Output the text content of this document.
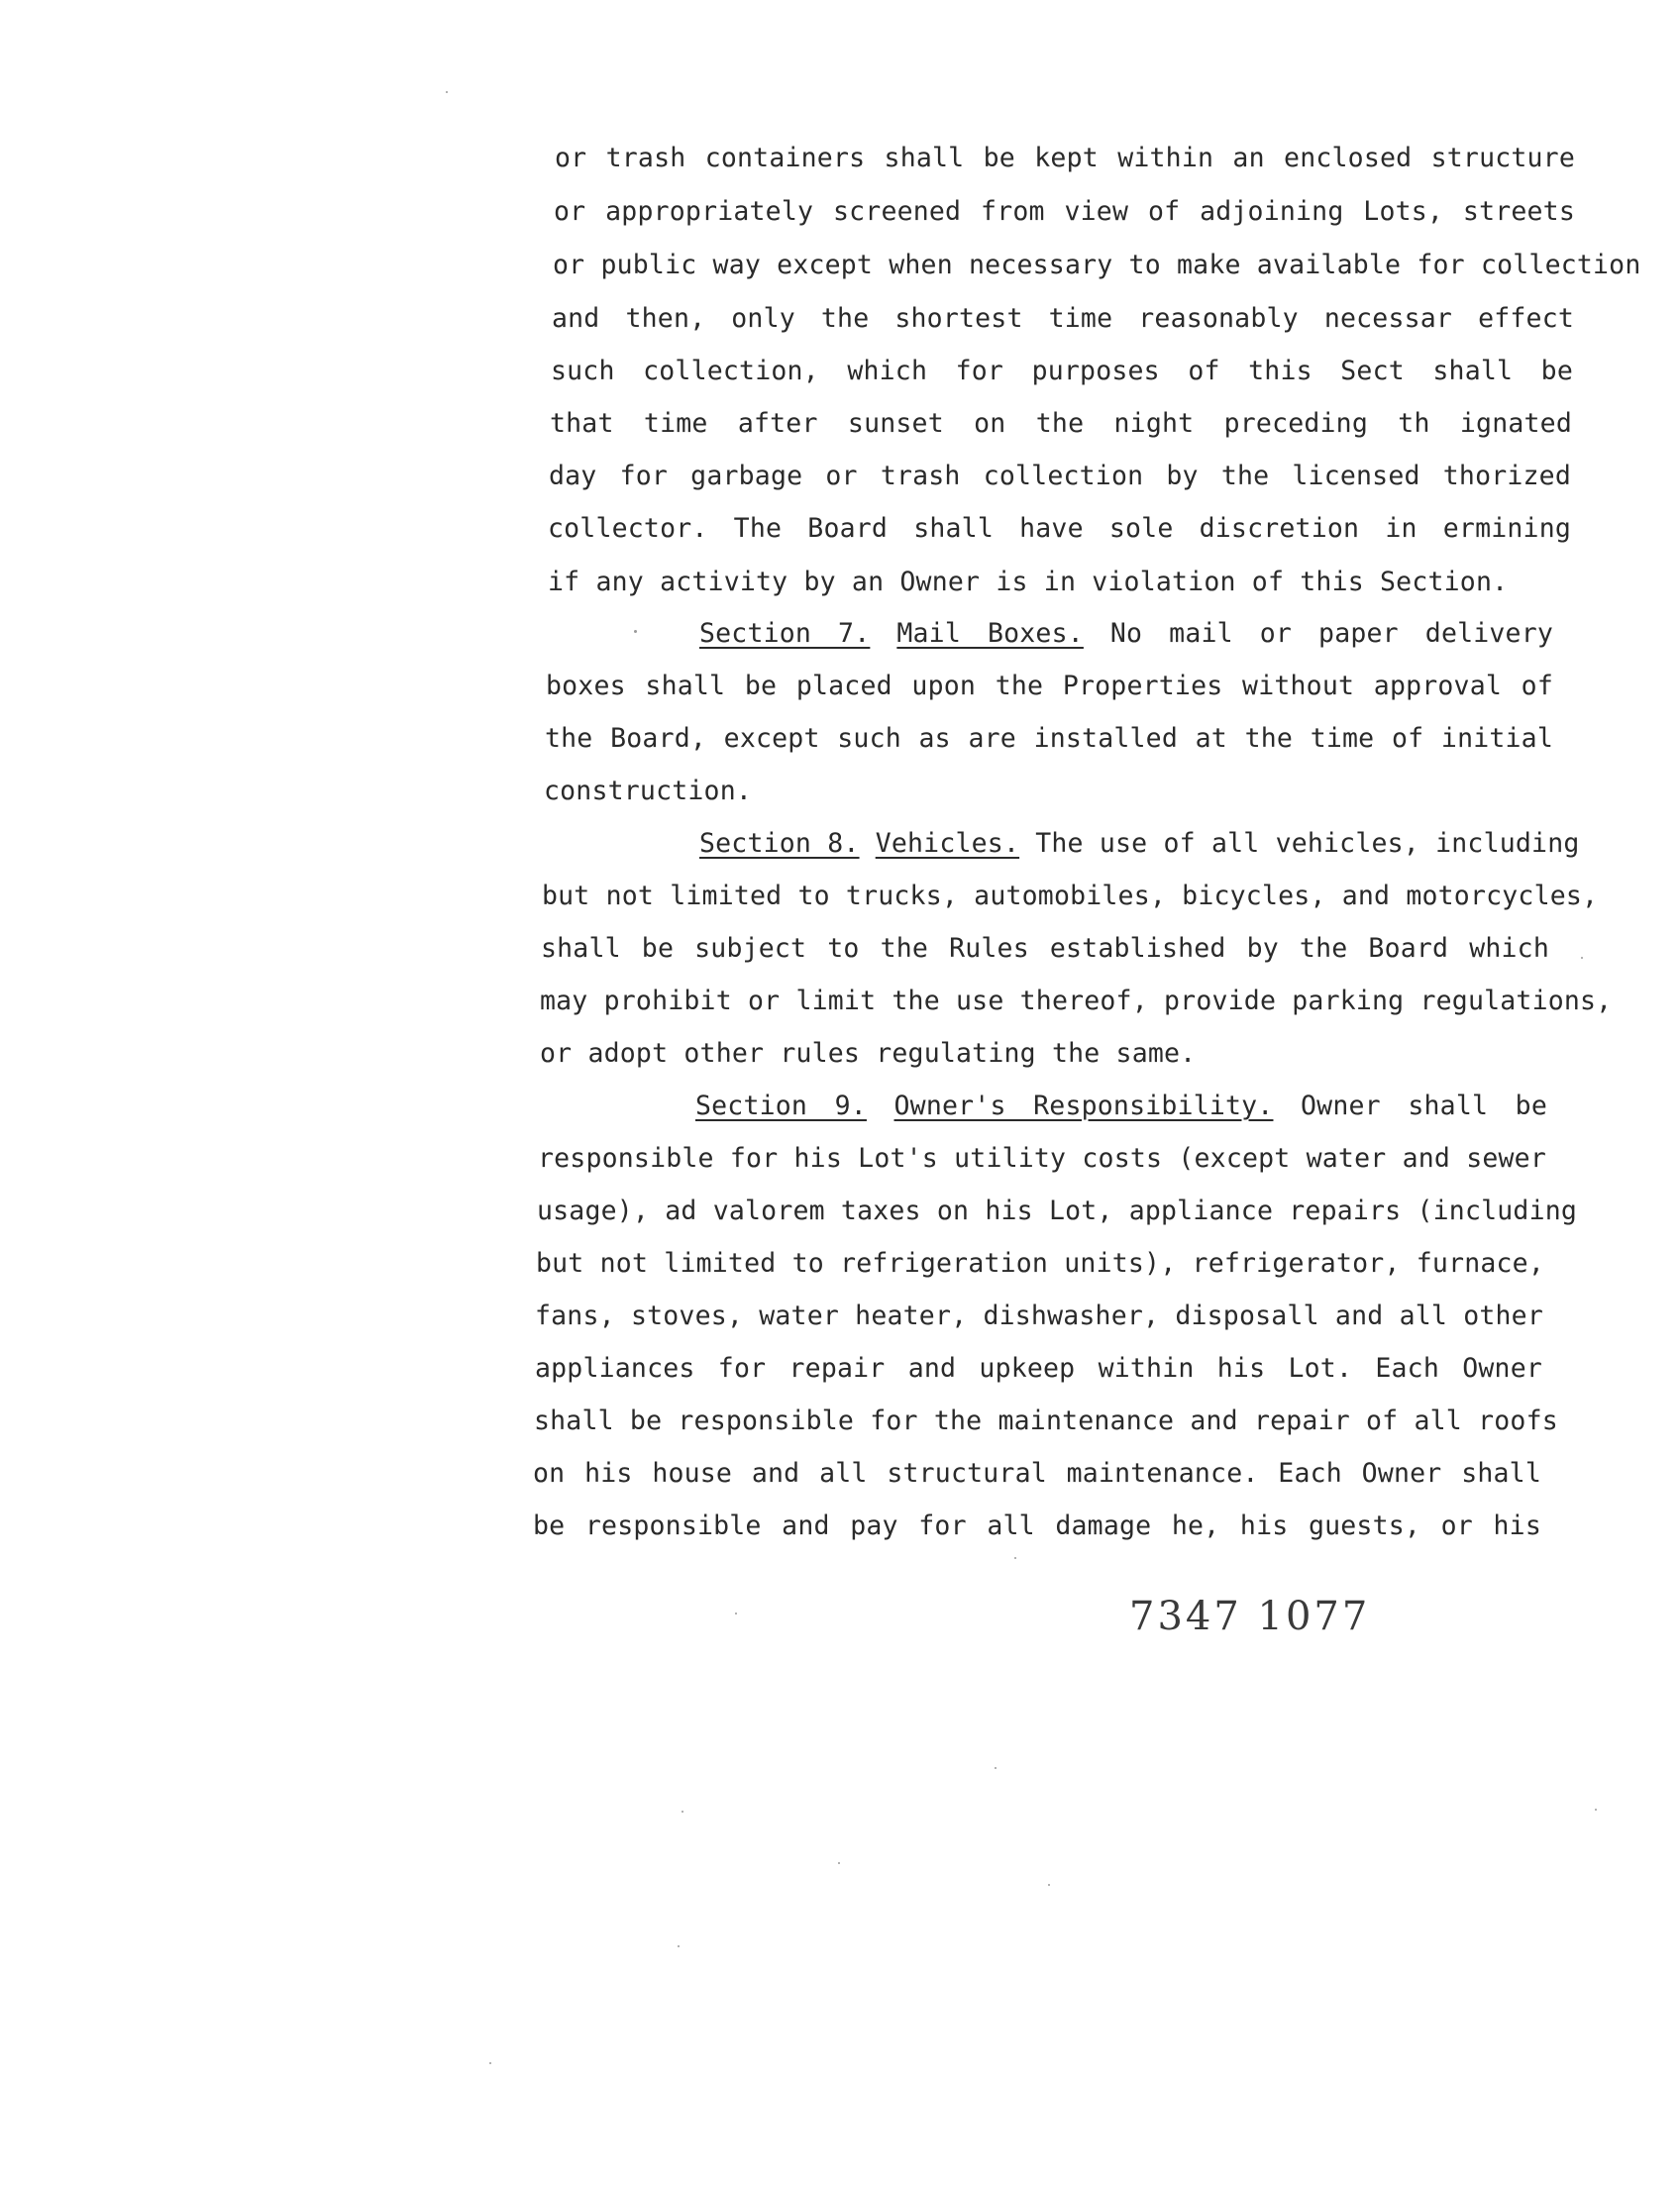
or trash containers shall be kept within an enclosed structure
or appropriately screened from view of adjoining Lots, streets
or public way except when necessary to make available for collection
and then, only the shortest time reasonably necessar effect
such collection, which for purposes of this Sect shall be
that time after sunset on the night preceding th ignated
day for garbage or trash collection by the licensed thorized
collector. The Board shall have sole discretion in ermining
if any activity by an Owner is in violation of this Section.
Section 7. Mail Boxes. No mail or paper delivery
boxes shall be placed upon the Properties without approval of
the Board, except such as are installed at the time of initial
construction.
Section 8. Vehicles. The use of all vehicles, including
but not limited to trucks, automobiles, bicycles, and motorcycles,
shall be subject to the Rules established by the Board which
may prohibit or limit the use thereof, provide parking regulations,
or adopt other rules regulating the same.
Section 9. Owner's Responsibility. Owner shall be
responsible for his Lot's utility costs (except water and sewer
usage), ad valorem taxes on his Lot, appliance repairs (including
but not limited to refrigeration units), refrigerator, furnace,
fans, stoves, water heater, dishwasher, disposall and all other
appliances for repair and upkeep within his Lot. Each Owner
shall be responsible for the maintenance and repair of all roofs
on his house and all structural maintenance. Each Owner shall
be responsible and pay for all damage he, his guests, or his
7347 1077
